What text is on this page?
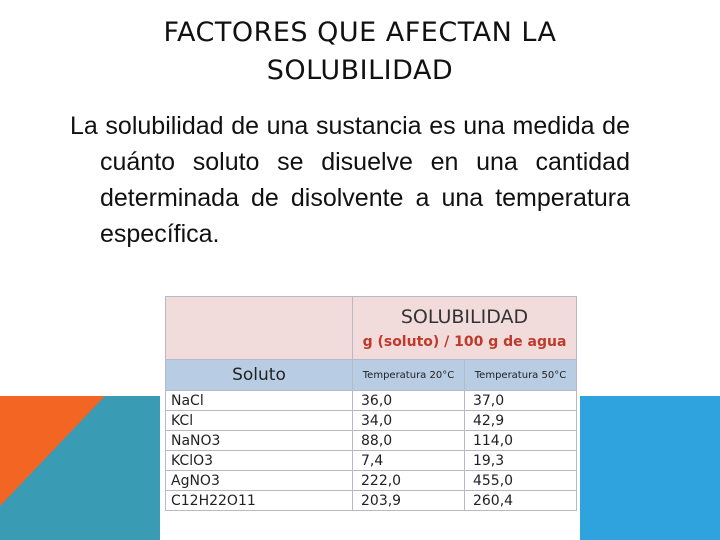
FACTORES QUE AFECTAN LA
SOLUBILIDAD
La solubilidad de una sustancia es una medida de cuánto soluto se disuelve en una cantidad determinada de disolvente a una temperatura específica.

	SOLUBILIDAD
g (soluto) / 100 g de agua	

Soluto	Temperatura 20°C	Temperatura 50°C
NaCl	36,0	37,0
KCl	34,0	42,9
NaNO3	88,0	114,0
KClO3	7,4	19,3
AgNO3	222,0	455,0
C12H22O11	203,9	260,4
